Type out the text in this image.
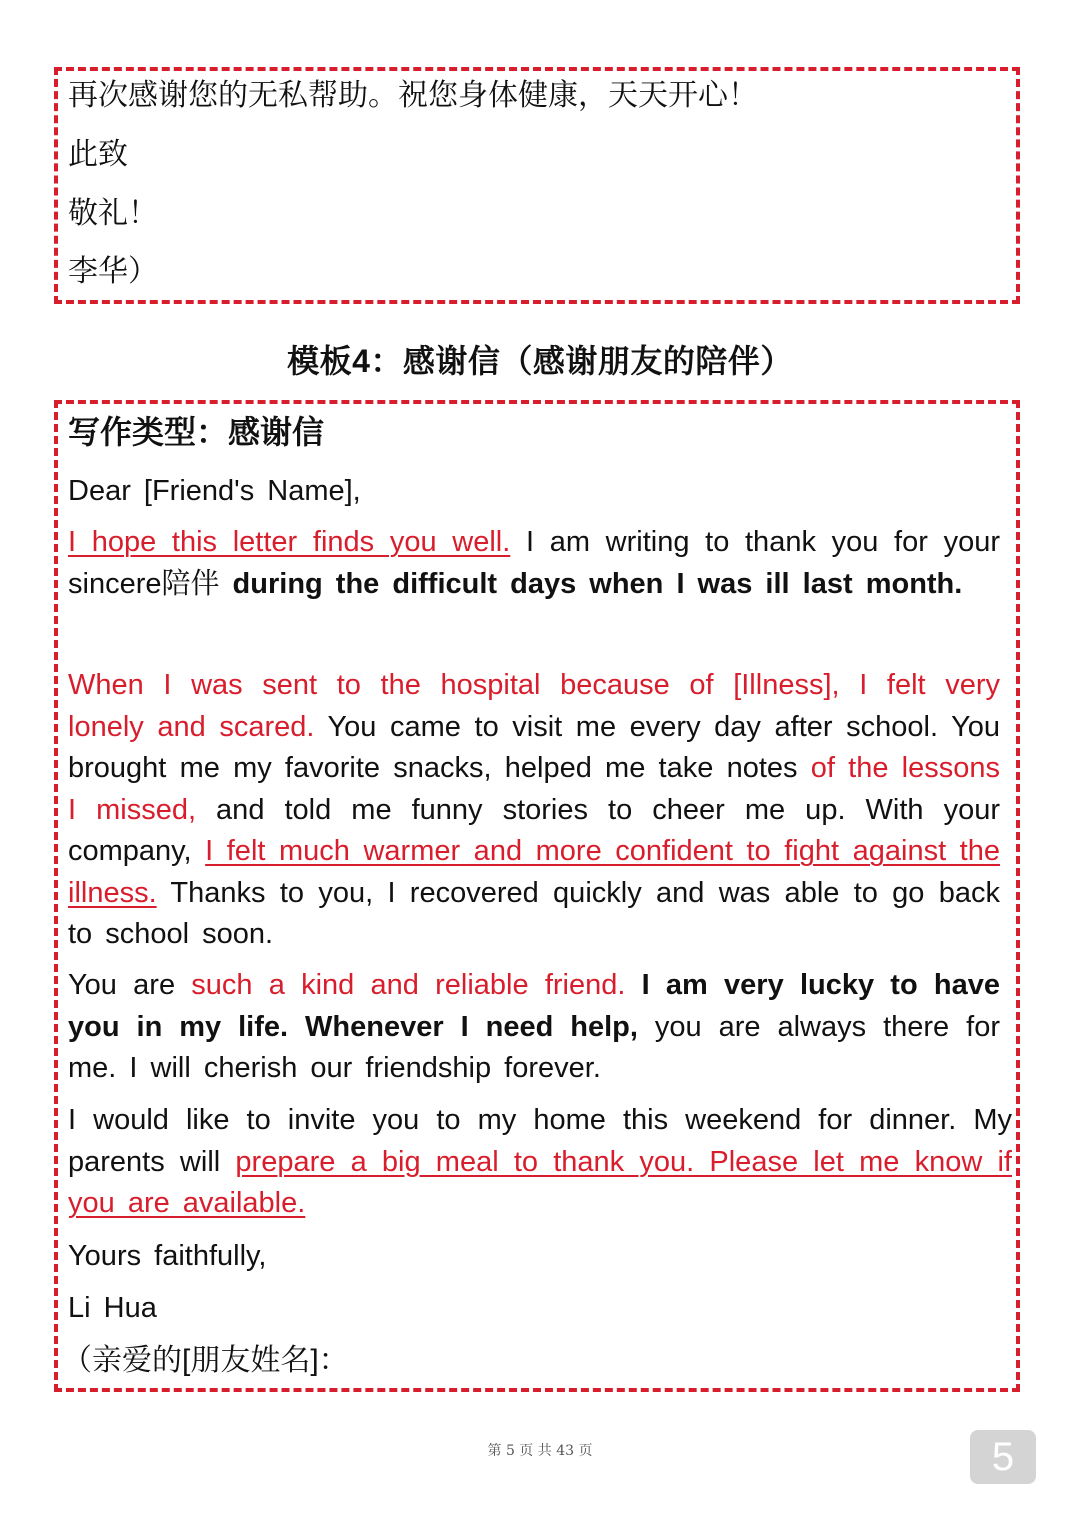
再次感谢您的无私帮助。祝您身体健康，天天开心！
此致
敬礼！
李华）
模板4：感谢信（感谢朋友的陪伴）
写作类型：感谢信
Dear [Friend's Name],

I hope this letter finds you well. I am writing to thank you for your sincere陪伴 during the difficult days when I was ill last month.

When I was sent to the hospital because of [Illness], I felt very lonely and scared. You came to visit me every day after school. You brought me my favorite snacks, helped me take notes of the lessons I missed, and told me funny stories to cheer me up. With your company, I felt much warmer and more confident to fight against the illness. Thanks to you, I recovered quickly and was able to go back to school soon.

You are such a kind and reliable friend. I am very lucky to have you in my life. Whenever I need help, you are always there for me. I will cherish our friendship forever.

I would like to invite you to my home this weekend for dinner. My parents will prepare a big meal to thank you. Please let me know if you are available.

Yours faithfully,
Li Hua
（亲爱的[朋友姓名]：
第 5 页 共 43 页	5
